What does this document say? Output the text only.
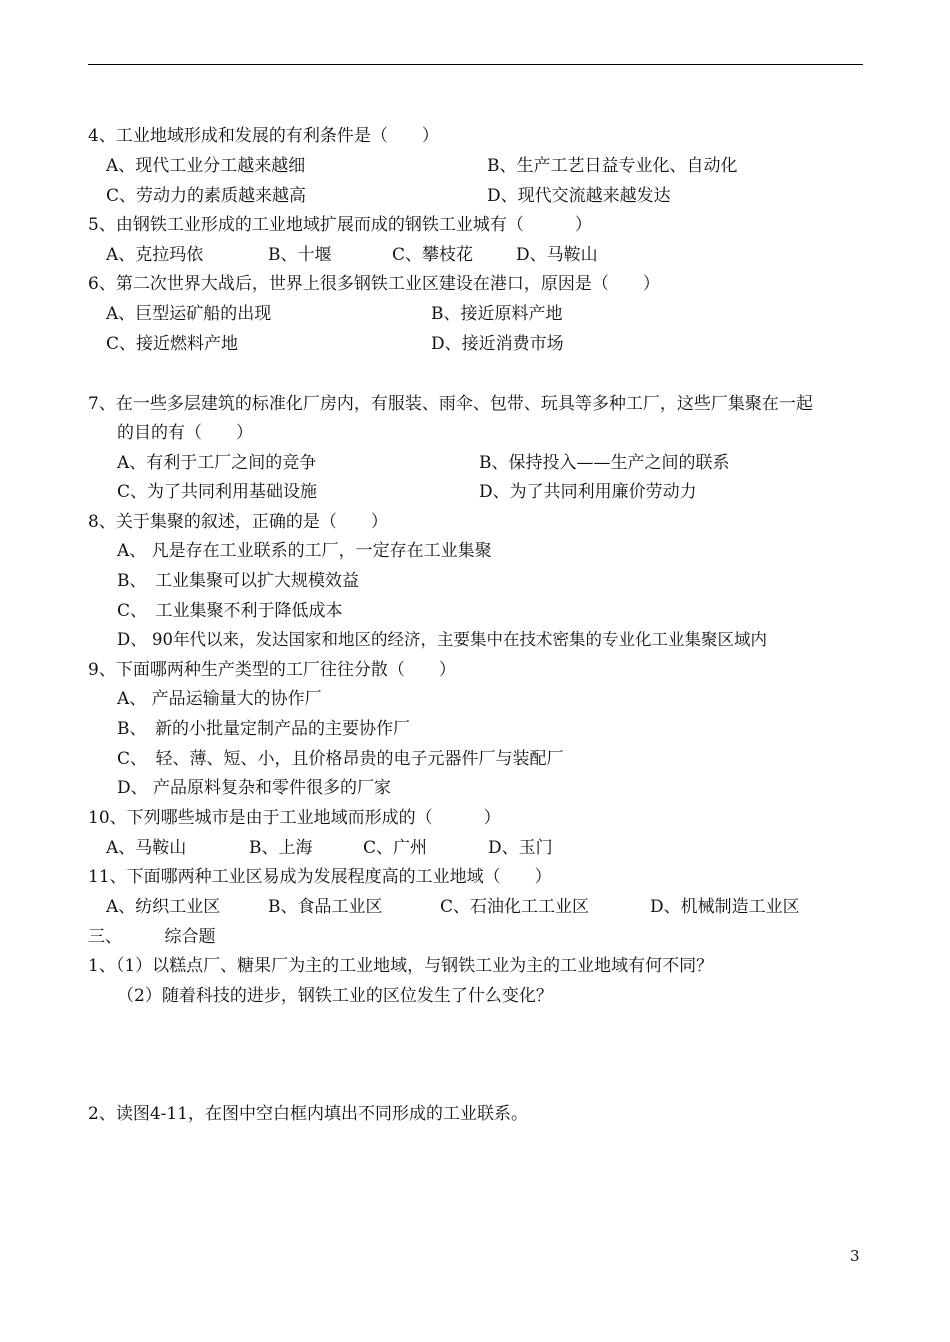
4、工业地域形成和发展的有利条件是（　　）
A、现代工业分工越来越细	B、生产工艺日益专业化、自动化
C、劳动力的素质越来越高	D、现代交流越来越发达
5、由钢铁工业形成的工业地域扩展而成的钢铁工业城有（　　　）
A、克拉玛依	B、十堰	C、攀枝花	D、马鞍山
6、第二次世界大战后，世界上很多钢铁工业区建设在港口，原因是（　　）
A、巨型运矿船的出现	B、接近原料产地
C、接近燃料产地	D、接近消费市场
7、在一些多层建筑的标准化厂房内，有服装、雨伞、包带、玩具等多种工厂，这些厂集聚在一起
的目的有（　　）
A、有利于工厂之间的竞争	B、保持投入——生产之间的联系
C、为了共同利用基础设施	D、为了共同利用廉价劳动力
8、关于集聚的叙述，正确的是（　　）
A、 凡是存在工业联系的工厂，一定存在工业集聚
B、　工业集聚可以扩大规模效益
C、　工业集聚不利于降低成本
D、 90年代以来，发达国家和地区的经济，主要集中在技术密集的专业化工业集聚区域内
9、下面哪两种生产类型的工厂往往分散（　　）
A、 产品运输量大的协作厂
B、　新的小批量定制产品的主要协作厂
C、　轻、薄、短、小，且价格昂贵的电子元器件厂与装配厂
D、 产品原料复杂和零件很多的厂家
10、下列哪些城市是由于工业地域而形成的（　　　）
A、马鞍山	B、上海	C、广州	D、玉门
11、下面哪两种工业区易成为发展程度高的工业地域（　　）
A、纺织工业区	B、食品工业区	C、石油化工工业区	D、机械制造工业区
三、　　　综合题
1、（1）以糕点厂、糖果厂为主的工业地域，与钢铁工业为主的工业地域有何不同？
（2）随着科技的进步，钢铁工业的区位发生了什么变化？
2、读图4-11，在图中空白框内填出不同形成的工业联系。
3
